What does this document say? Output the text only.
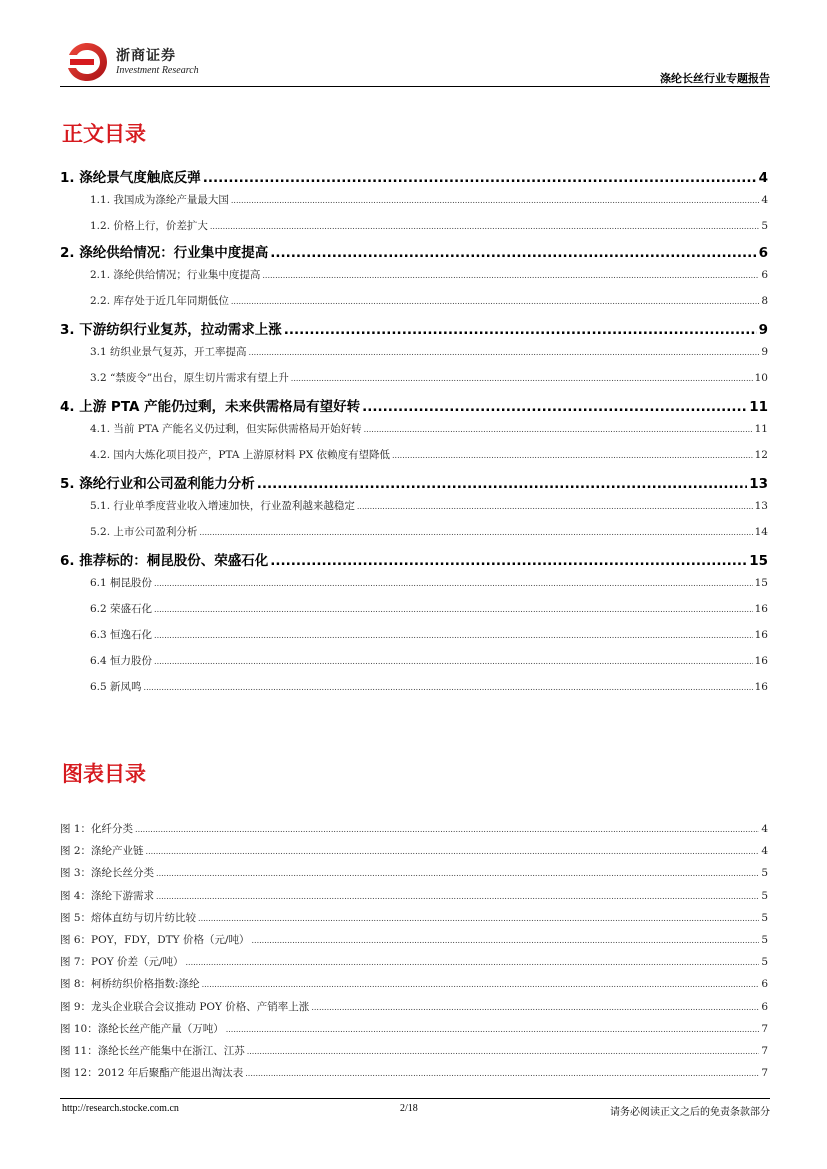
浙商证券
Investment Research
涤纶长丝行业专题报告
正文目录
1. 涤纶景气度触底反弹 .....	4
1.1. 我国成为涤纶产量最大国 .....	4
1.2. 价格上行，价差扩大 .....	5
2. 涤纶供给情况：行业集中度提高 .....	6
2.1. 涤纶供给情况；行业集中度提高 .....	6
2.2. 库存处于近几年同期低位 .....	8
3. 下游纺织行业复苏，拉动需求上涨 .....	9
3.1 纺织业景气复苏，开工率提高 .....	9
3.2 “禁废令”出台，原生切片需求有望上升 .....	10
4. 上游 PTA 产能仍过剩，未来供需格局有望好转 .....	11
4.1. 当前 PTA 产能名义仍过剩，但实际供需格局开始好转 .....	11
4.2. 国内大炼化项目投产，PTA 上游原材料 PX 依赖度有望降低 .....	12
5. 涤纶行业和公司盈利能力分析 .....	13
5.1. 行业单季度营业收入增速加快，行业盈利越来越稳定 .....	13
5.2. 上市公司盈利分析 .....	14
6. 推荐标的：桐昆股份、荣盛石化 .....	15
6.1 桐昆股份 .....	15
6.2 荣盛石化 .....	16
6.3 恒逸石化 .....	16
6.4 恒力股份 .....	16
6.5 新凤鸣 .....	16
图表目录
图 1：化纤分类 .....	4
图 2：涤纶产业链 .....	4
图 3：涤纶长丝分类 .....	5
图 4：涤纶下游需求 .....	5
图 5：熔体直纺与切片纺比较 .....	5
图 6：POY，FDY，DTY 价格（元/吨） .....	5
图 7：POY 价差（元/吨） .....	5
图 8：柯桥纺织价格指数:涤纶 .....	6
图 9：龙头企业联合会议推动 POY 价格、产销率上涨 .....	6
图 10：涤纶长丝产能产量（万吨） .....	7
图 11：涤纶长丝产能集中在浙江、江苏 .....	7
图 12：2012 年后聚酯产能退出淘汰表 .....	7
http://research.stocke.com.cn	2/18	请务必阅读正文之后的免责条款部分
